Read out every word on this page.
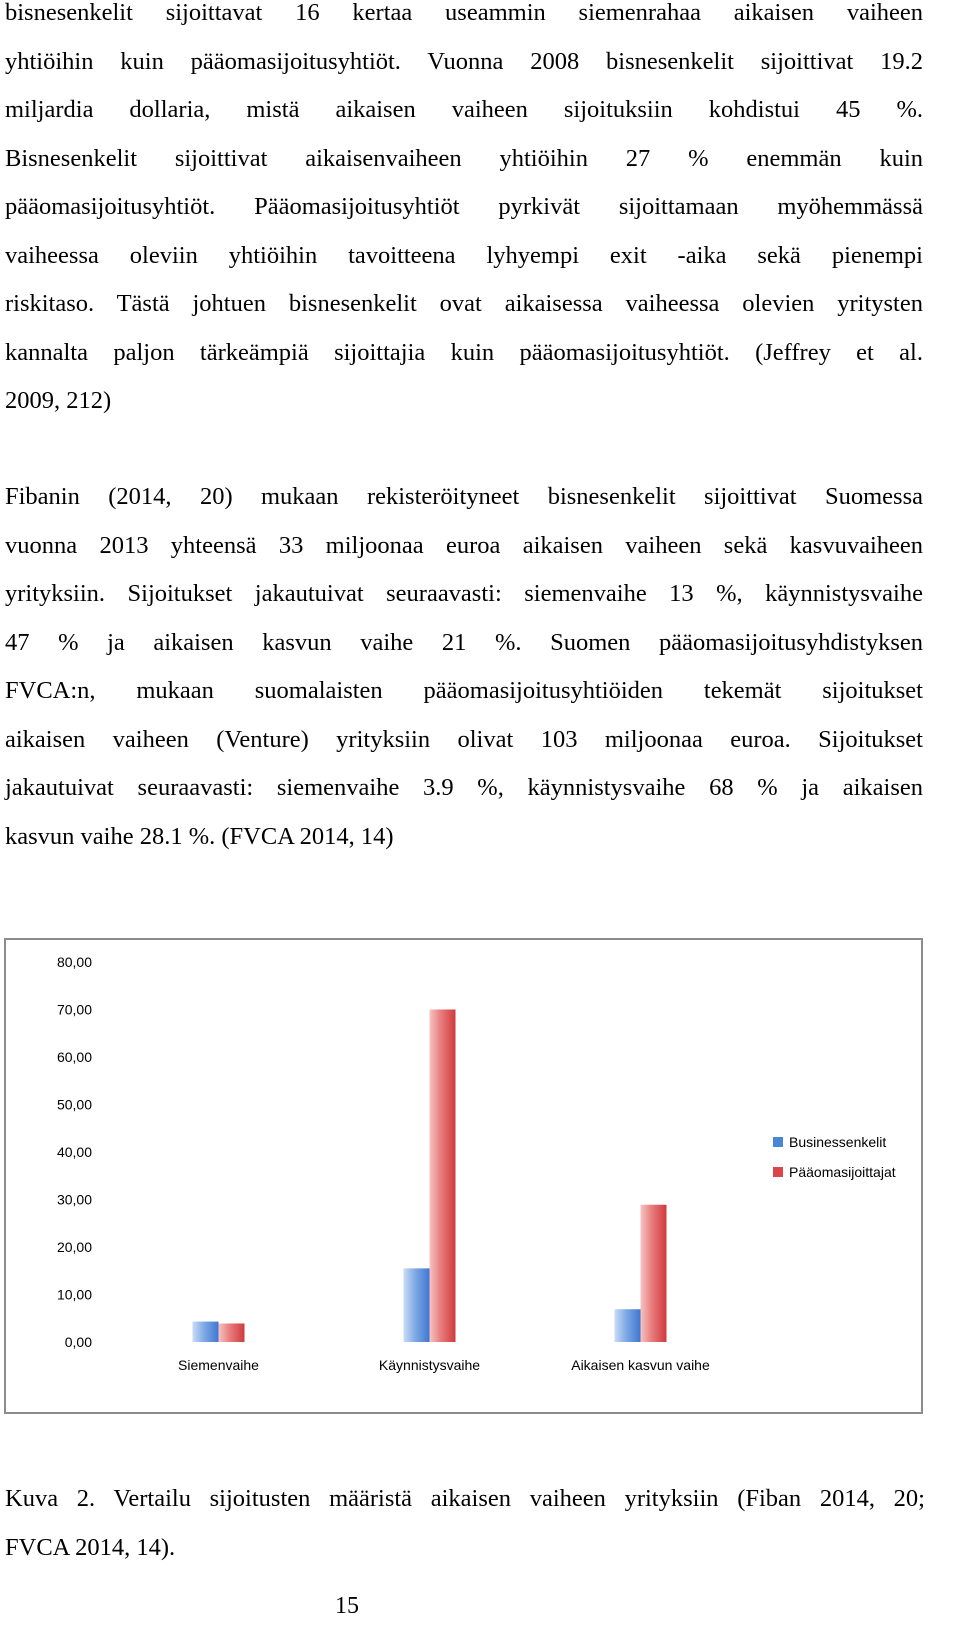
bisnesenkelit sijoittavat 16 kertaa useammin siemenrahaa aikaisen vaiheen
yhtiöihin kuin pääomasijoitusyhtiöt. Vuonna 2008 bisnesenkelit sijoittivat 19.2
miljardia dollaria, mistä aikaisen vaiheen sijoituksiin kohdistui 45 %.
Bisnesenkelit sijoittivat aikaisenvaiheen yhtiöihin 27 % enemmän kuin
pääomasijoitusyhtiöt. Pääomasijoitusyhtiöt pyrkivät sijoittamaan myöhemmässä
vaiheessa oleviin yhtiöihin tavoitteena lyhyempi exit -aika sekä pienempi
riskitaso. Tästä johtuen bisnesenkelit ovat aikaisessa vaiheessa olevien yritysten
kannalta paljon tärkeämpiä sijoittajia kuin pääomasijoitusyhtiöt. (Jeffrey et al.
2009, 212)
Fibanin (2014, 20) mukaan rekisteröityneet bisnesenkelit sijoittivat Suomessa
vuonna 2013 yhteensä 33 miljoonaa euroa aikaisen vaiheen sekä kasvuvaiheen
yrityksiin. Sijoitukset jakautuivat seuraavasti: siemenvaihe 13 %, käynnistysvaihe
47 % ja aikaisen kasvun vaihe 21 %. Suomen pääomasijoitusyhdistyksen
FVCA:n, mukaan suomalaisten pääomasijoitusyhtiöiden tekemät sijoitukset
aikaisen vaiheen (Venture) yrityksiin olivat 103 miljoonaa euroa. Sijoitukset
jakautuivat seuraavasti: siemenvaihe 3.9 %, käynnistysvaihe 68 % ja aikaisen
kasvun vaihe 28.1 %. (FVCA 2014, 14)
0,00
10,00
20,00
30,00
40,00
50,00
60,00
70,00
80,00
Siemenvaihe	Käynnistysvaihe	Aikaisen kasvun vaihe
Businessenkelit
Pääomasijoittajat
Kuva 2. Vertailu sijoitusten määristä aikaisen vaiheen yrityksiin (Fiban 2014, 20;
FVCA 2014, 14).
15
